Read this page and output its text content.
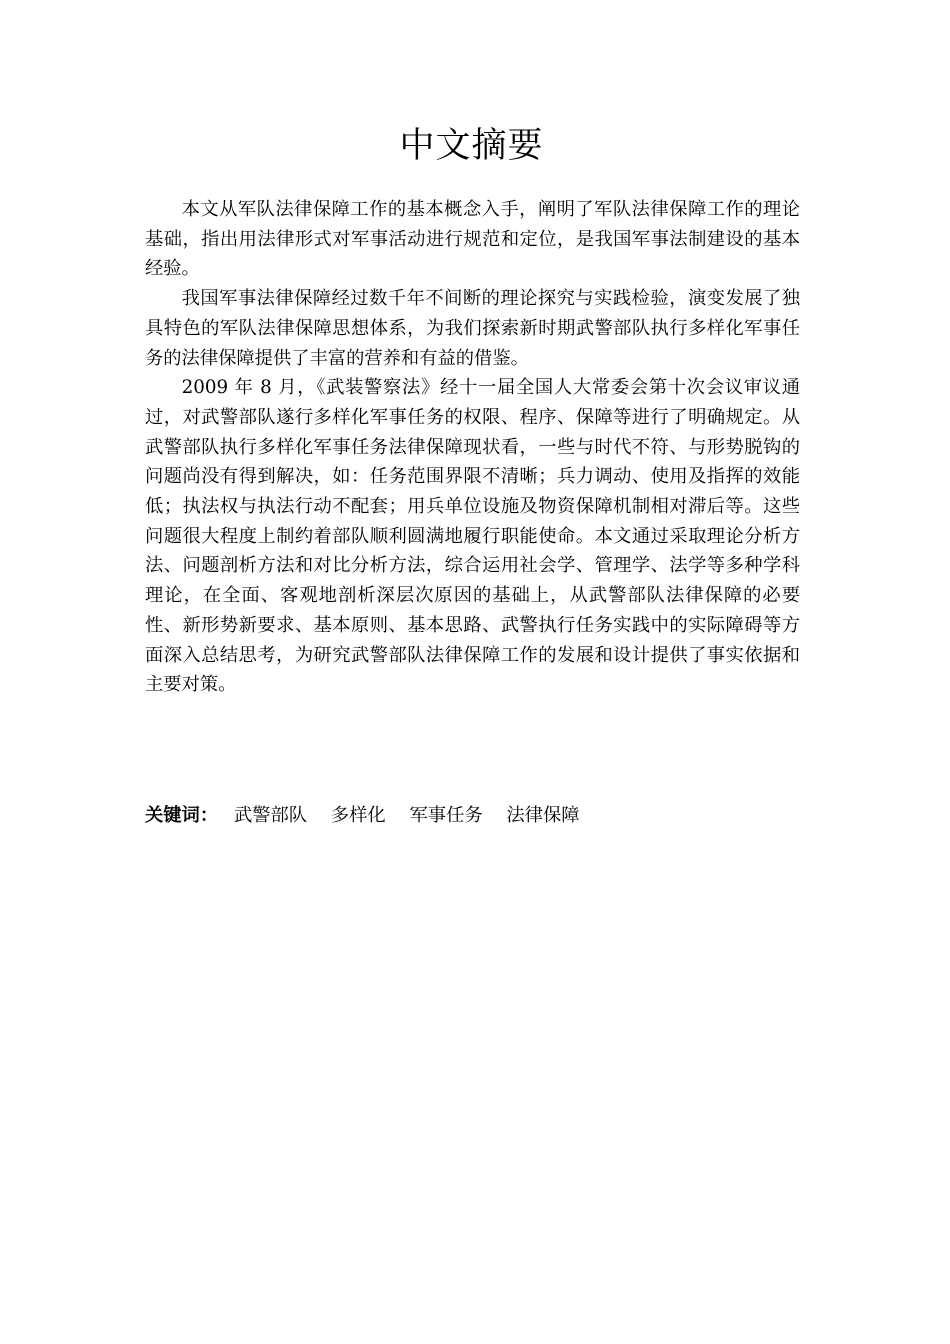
中文摘要

本文从军队法律保障工作的基本概念入手，阐明了军队法律保障工作的理论基础，指出用法律形式对军事活动进行规范和定位，是我国军事法制建设的基本经验。

我国军事法律保障经过数千年不间断的理论探究与实践检验，演变发展了独具特色的军队法律保障思想体系，为我们探索新时期武警部队执行多样化军事任务的法律保障提供了丰富的营养和有益的借鉴。

2009 年 8 月，《武装警察法》经十一届全国人大常委会第十次会议审议通过，对武警部队遂行多样化军事任务的权限、程序、保障等进行了明确规定。从武警部队执行多样化军事任务法律保障现状看，一些与时代不符、与形势脱钩的问题尚没有得到解决，如：任务范围界限不清晰；兵力调动、使用及指挥的效能低；执法权与执法行动不配套；用兵单位设施及物资保障机制相对滞后等。这些问题很大程度上制约着部队顺利圆满地履行职能使命。本文通过采取理论分析方法、问题剖析方法和对比分析方法，综合运用社会学、管理学、法学等多种学科理论，在全面、客观地剖析深层次原因的基础上，从武警部队法律保障的必要性、新形势新要求、基本原则、基本思路、武警执行任务实践中的实际障碍等方面深入总结思考，为研究武警部队法律保障工作的发展和设计提供了事实依据和主要对策。

关键词： 武警部队 多样化 军事任务 法律保障
